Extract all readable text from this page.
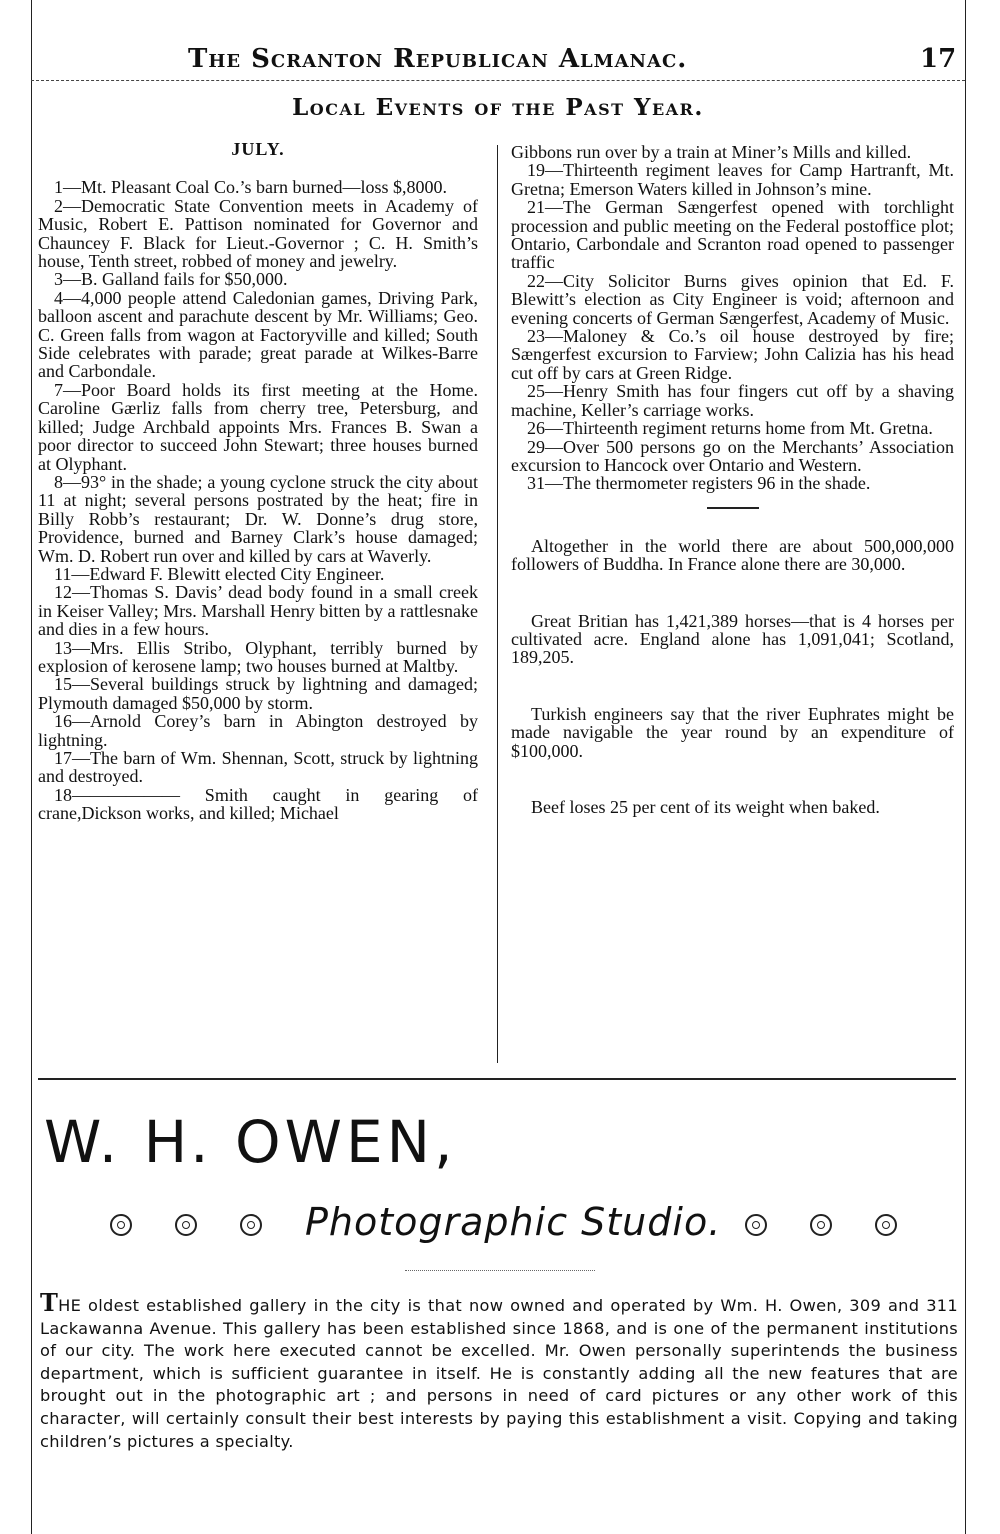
The Scranton Republican Almanac.	17
Local Events of the Past Year.

JULY.

1—Mt. Pleasant Coal Co.’s barn burned—loss $,8000.

2—Democratic State Convention meets in Academy of Music, Robert E. Pattison nominated for Governor and Chauncey F. Black for Lieut.-Governor ; C. H. Smith’s house, Tenth street, robbed of money and jewelry.

3—B. Galland fails for $50,000.

4—4,000 people attend Caledonian games, Driving Park, balloon ascent and parachute descent by Mr. Williams; Geo. C. Green falls from wagon at Factoryville and killed; South Side celebrates with parade; great parade at Wilkes-Barre and Carbondale.

7—Poor Board holds its first meeting at the Home. Caroline Gærliz falls from cherry tree, Petersburg, and killed; Judge Archbald appoints Mrs. Frances B. Swan a poor director to succeed John Stewart; three houses burned at Olyphant.

8—93° in the shade; a young cyclone struck the city about 11 at night; several persons postrated by the heat; fire in Billy Robb’s restaurant; Dr. W. Donne’s drug store, Providence, burned and Barney Clark’s house damaged; Wm. D. Robert run over and killed by cars at Waverly.

11—Edward F. Blewitt elected City Engineer.

12—Thomas S. Davis’ dead body found in a small creek in Keiser Valley; Mrs. Marshall Henry bitten by a rattlesnake and dies in a few hours.

13—Mrs. Ellis Stribo, Olyphant, terribly burned by explosion of kerosene lamp; two houses burned at Maltby.

15—Several buildings struck by lightning and damaged; Plymouth damaged $50,000 by storm.

16—Arnold Corey’s barn in Abington destroyed by lightning.

17—The barn of Wm. Shennan, Scott, struck by lightning and destroyed.

18—————— Smith caught in gearing of crane,Dickson works, and killed; Michael

Gibbons run over by a train at Miner’s Mills and killed.

19—Thirteenth regiment leaves for Camp Hartranft, Mt. Gretna; Emerson Waters killed in Johnson’s mine.

21—The German Sængerfest opened with torchlight procession and public meeting on the Federal postoffice plot; Ontario, Carbondale and Scranton road opened to passenger traffic

22—City Solicitor Burns gives opinion that Ed. F. Blewitt’s election as City Engineer is void; afternoon and evening concerts of German Sængerfest, Academy of Music.

23—Maloney & Co.’s oil house destroyed by fire; Sængerfest excursion to Farview; John Calizia has his head cut off by cars at Green Ridge.

25—Henry Smith has four fingers cut off by a shaving machine, Keller’s carriage works.

26—Thirteenth regiment returns home from Mt. Gretna.

29—Over 500 persons go on the Merchants’ Association excursion to Hancock over Ontario and Western.

31—The thermometer registers 96 in the shade.

Altogether in the world there are about 500,000,000 followers of Buddha. In France alone there are 30,000.

Great Britian has 1,421,389 horses—that is 4 horses per cultivated acre. England alone has 1,091,041; Scotland, 189,205.

Turkish engineers say that the river Euphrates might be made navigable the year round by an expenditure of $100,000.

Beef loses 25 per cent of its weight when baked.

W. H. OWEN,
Photographic Studio.
THE oldest established gallery in the city is that now owned and operated by Wm. H. Owen, 309 and 311 Lackawanna Avenue. This gallery has been established since 1868, and is one of the permanent institutions of our city. The work here executed cannot be excelled. Mr. Owen personally superintends the business department, which is sufficient guarantee in itself. He is constantly adding all the new features that are brought out in the photographic art ; and persons in need of card pictures or any other work of this character, will certainly consult their best interests by paying this establishment a visit. Copying and taking children’s pictures a specialty.
